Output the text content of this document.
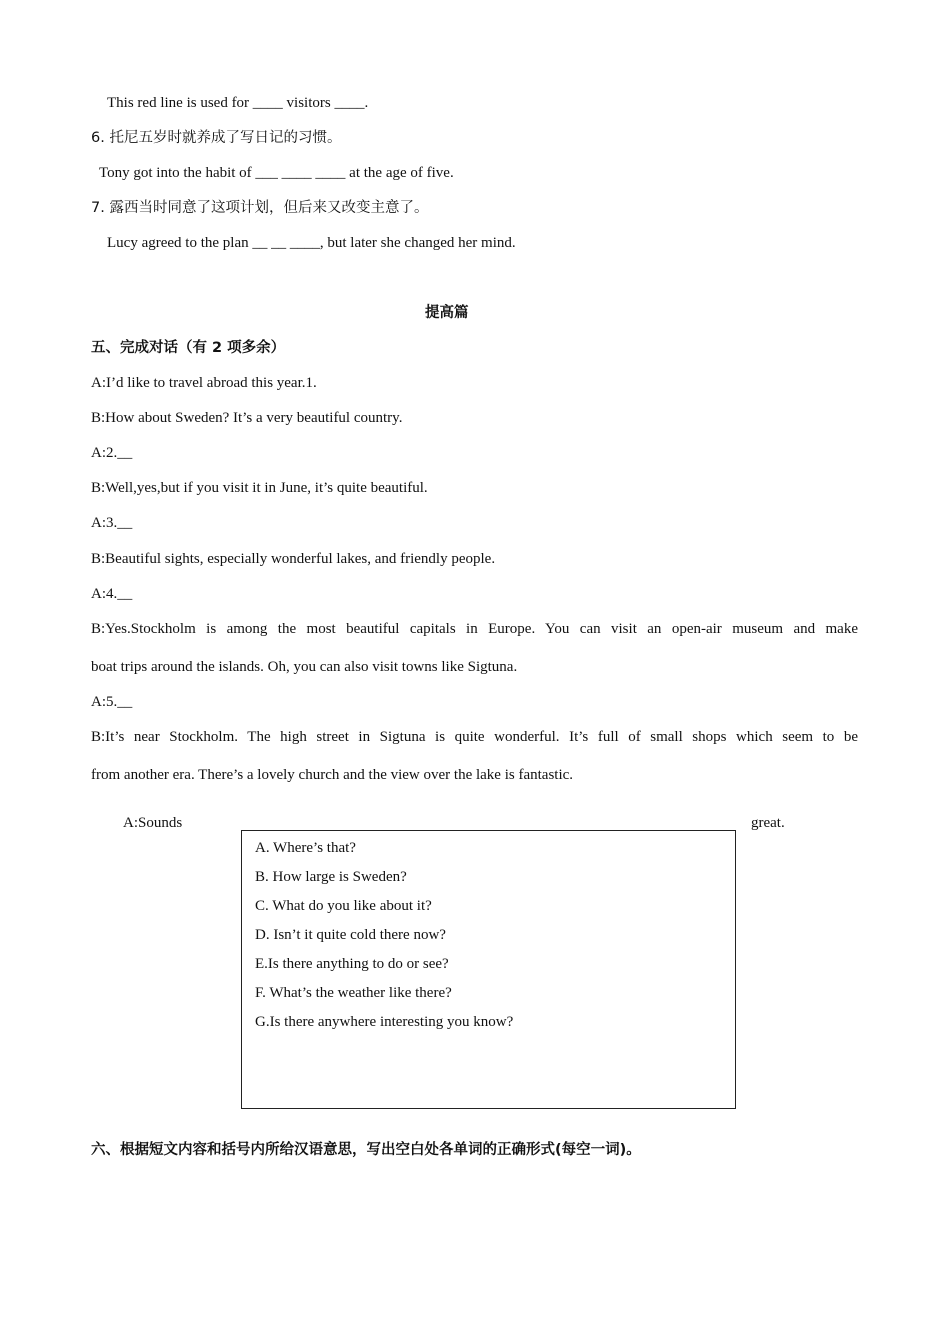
This red line is used for ____ visitors ____.
6. 托尼五岁时就养成了写日记的习惯。
Tony got into the habit of ___ ____ ____ at the age of five.
7. 露西当时同意了这项计划，但后来又改变主意了。
Lucy agreed to the plan __ __ ____, but later she changed her mind.
提高篇
五、完成对话（有 2 项多余）
A:I’d like to travel abroad this year.1.
B:How about Sweden? It’s a very beautiful country.
A:2.__
B:Well,yes,but if you visit it in June, it’s quite beautiful.
A:3.__
B:Beautiful sights, especially wonderful lakes, and friendly people.
A:4.__
B:Yes.Stockholm is among the most beautiful capitals in Europe. You can visit an open-air museum and make
boat trips around the islands. Oh, you can also visit towns like Sigtuna.
A:5.__
B:It’s near Stockholm. The high street in Sigtuna is quite wonderful. It’s full of small shops which seem to be
from another era. There’s a lovely church and the view over the lake is fantastic.
A:Sounds	great.
A. Where’s that?
B. How large is Sweden?
C. What do you like about it?
D. Isn’t it quite cold there now?
E.Is there anything to do or see?
F. What’s the weather like there?
G.Is there anywhere interesting you know?
六、根据短文内容和括号内所给汉语意思，写出空白处各单词的正确形式(每空一词)。
